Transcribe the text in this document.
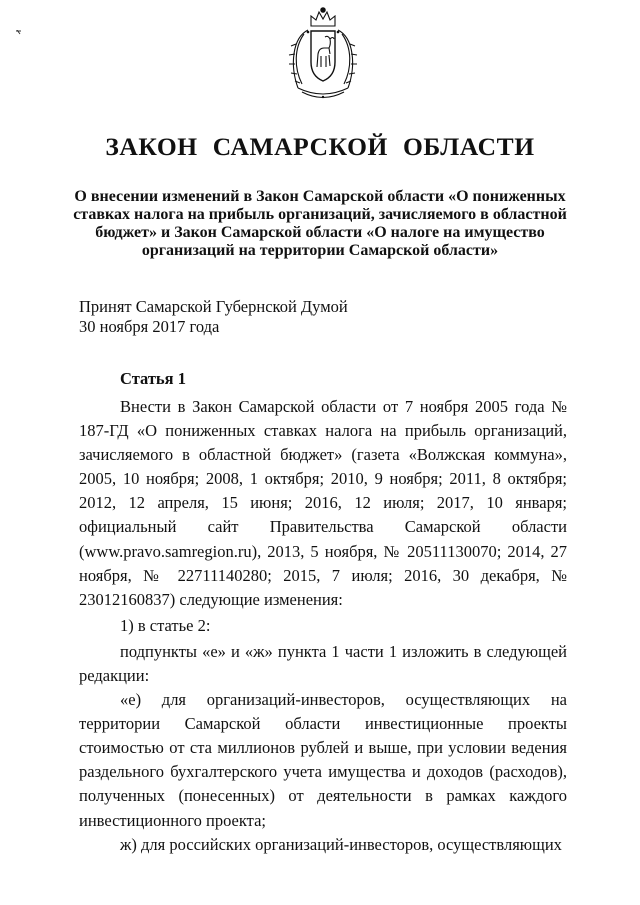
ЗАКОН САМАРСКОЙ ОБЛАСТИ
О внесении изменений в Закон Самарской области «О пониженных
ставках налога на прибыль организаций, зачисляемого в областной
бюджет» и Закон Самарской области «О налоге на имущество
организаций на территории Самарской области»
Принят Самарской Губернской Думой
30 ноября 2017 года
Статья 1

Внести в Закон Самарской области от 7 ноября 2005 года № 187-ГД «О пониженных ставках налога на прибыль организаций, зачисляемого в областной бюджет» (газета «Волжская коммуна», 2005, 10 ноября; 2008, 1 октября; 2010, 9 ноября; 2011, 8 октября; 2012, 12 апреля, 15 июня; 2016, 12 июля; 2017, 10 января; официальный сайт Правительства Самарской области (www.pravo.samregion.ru), 2013, 5 ноября, № 20511130070; 2014, 27 ноября, № 22711140280; 2015, 7 июля; 2016, 30 декабря, № 23012160837) следующие изменения:

1) в статье 2:

подпункты «е» и «ж» пункта 1 части 1 изложить в следующей редакции:

«е) для организаций-инвесторов, осуществляющих на территории Самарской области инвестиционные проекты стоимостью от ста миллионов рублей и выше, при условии ведения раздельного бухгалтерского учета имущества и доходов (расходов), полученных (понесенных) от деятельности в рамках каждого инвестиционного проекта;

ж) для российских организаций-инвесторов, осуществляющих
